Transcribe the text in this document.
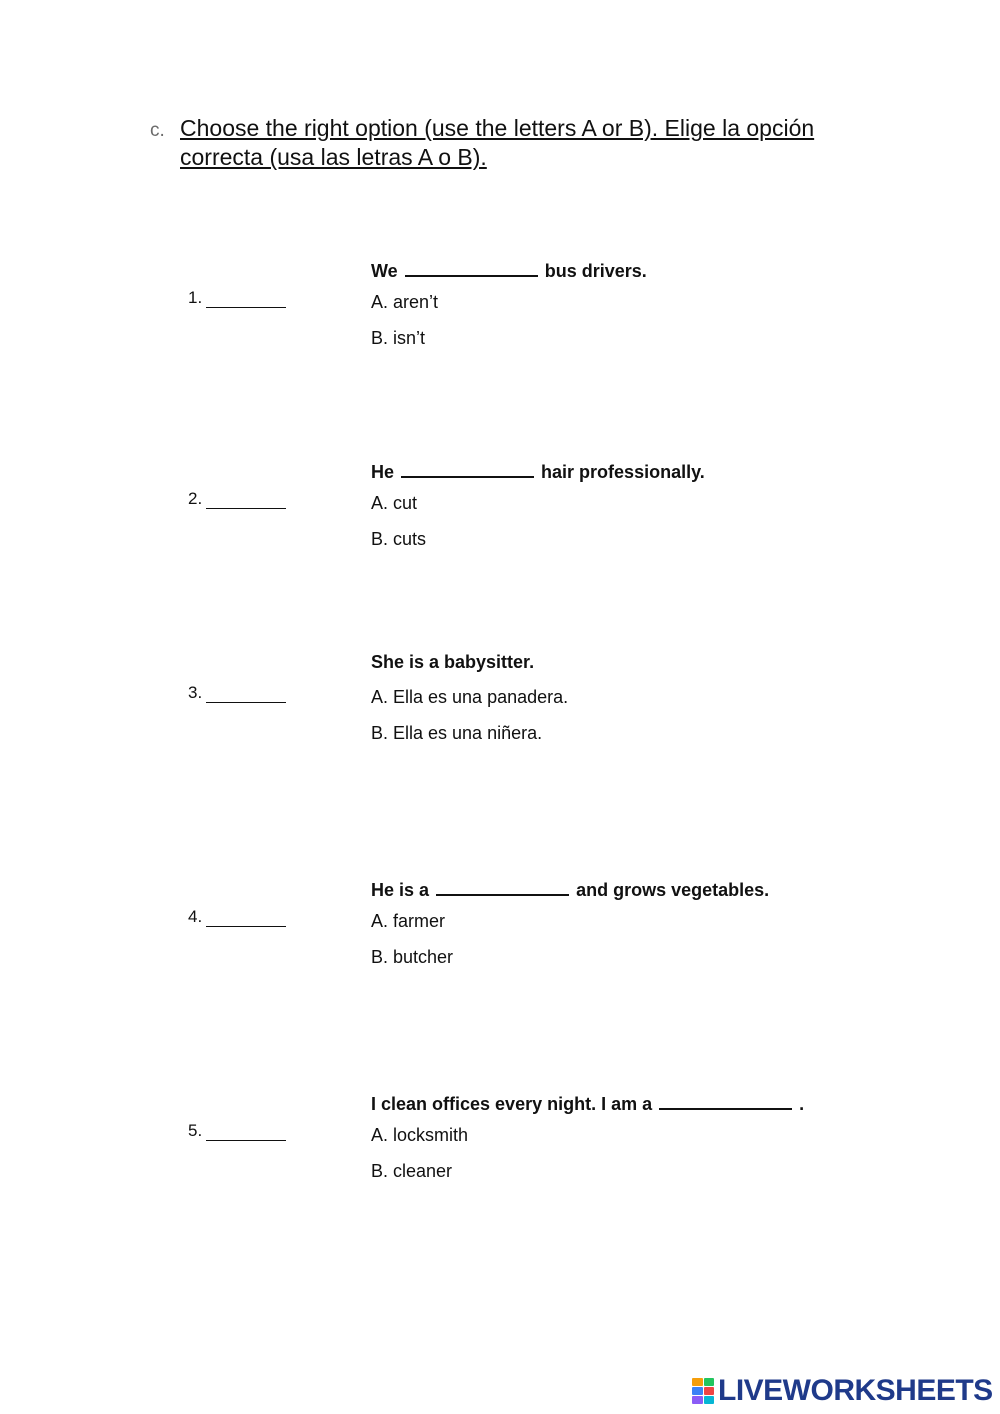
c. Choose the right option (use the letters A or B). Elige la opción correcta (usa las letras A o B).
1.
We	bus drivers.
A. aren’t
B. isn’t
2.
He	hair professionally.
A. cut
B. cuts
3.
She is a babysitter.
A. Ella es una panadera.
B. Ella es una niñera.
4.
He is a	and grows vegetables.
A. farmer
B. butcher
5.
I clean offices every night. I am a	.
A. locksmith
B. cleaner
LIVEWORKSHEETS
